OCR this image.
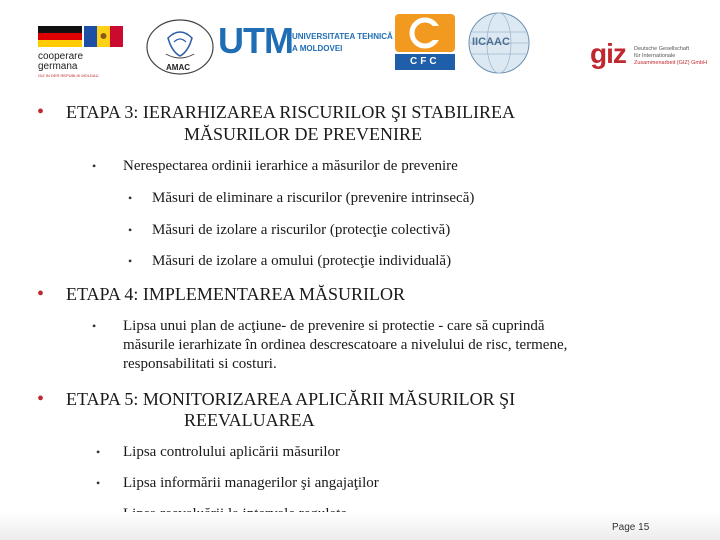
cooperare
germana
GIZ IN DER REPUBLIK MOLDAU
AMAC
UTM UNIVERSITATEA TEHNICĂ
A MOLDOVEI
CFC
IICAAC	giz Deutsche Gesellschaft
für Internationale
Zusammenarbeit (GIZ) GmbH
• ETAPA 3: IERARHIZAREA RISCURILOR ŞI STABILIREA
MĂSURILOR DE PREVENIRE
• Nerespectarea ordinii ierarhice a măsurilor de prevenire
• Măsuri de eliminare a riscurilor (prevenire intrinsecă)
• Măsuri de izolare a riscurilor (protecţie colectivă)
• Măsuri de izolare a omului (protecţie individuală)
• ETAPA 4: IMPLEMENTAREA MĂSURILOR
• Lipsa unui plan de acţiune- de prevenire si protectie - care să cuprindă
măsurile ierarhizate în ordinea descrescatoare a nivelului de risc, termene,
responsabilitati si costuri.
• ETAPA 5: MONITORIZAREA APLICĂRII MĂSURILOR ŞI
REEVALUAREA
• Lipsa controlului aplicării măsurilor
• Lipsa informării managerilor şi angajaţilor
Page 15
